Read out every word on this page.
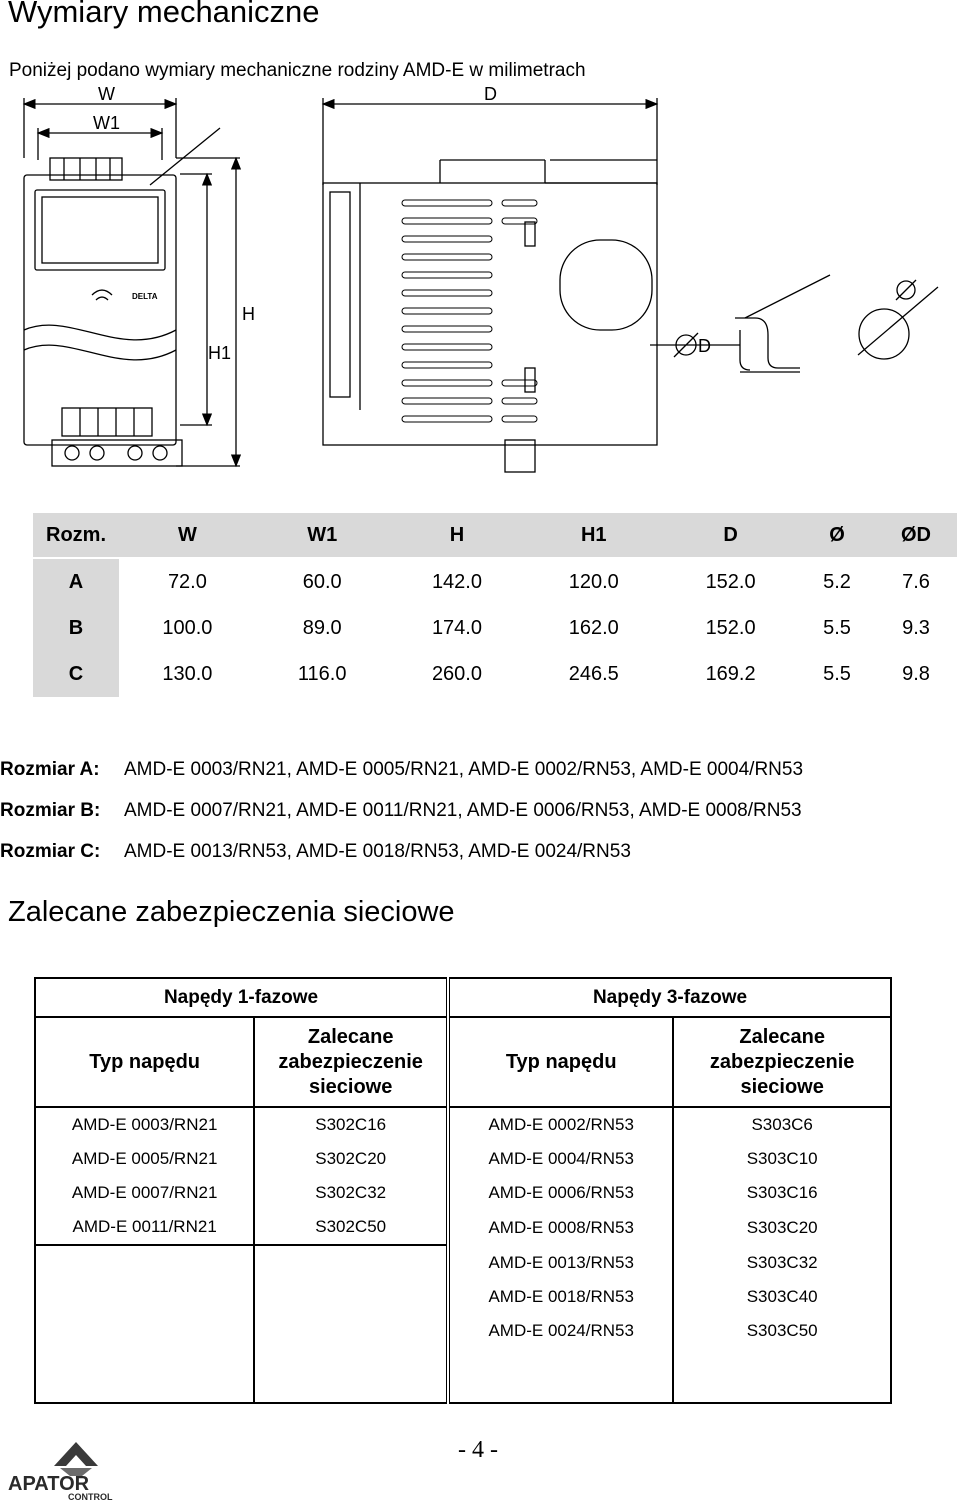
Wymiary mechaniczne
Poniżej podano wymiary mechaniczne rodziny AMD-E w milimetrach
W
W1
D
H
H1	D
DELTA
Rozm.	W	W1	H	H1	D	Ø	ØD
A	72.0	60.0	142.0	120.0	152.0	5.2	7.6
B	100.0	89.0	174.0	162.0	152.0	5.5	9.3
C	130.0	116.0	260.0	246.5	169.2	5.5	9.8
Rozmiar A: AMD-E 0003/RN21, AMD-E 0005/RN21, AMD-E 0002/RN53, AMD-E 0004/RN53
Rozmiar B: AMD-E 0007/RN21, AMD-E 0011/RN21, AMD-E 0006/RN53, AMD-E 0008/RN53
Rozmiar C: AMD-E 0013/RN53, AMD-E 0018/RN53, AMD-E 0024/RN53
Zalecane zabezpieczenia sieciowe
Napędy 1-fazowe		Napędy 3-fazowe	
Typ napędu	Zalecane zabezpieczenie sieciowe	Typ napędu	Zalecane zabezpieczenie sieciowe
AMD-E 0003/RN21	S302C16	AMD-E 0002/RN53	S303C6
AMD-E 0005/RN21	S302C20	AMD-E 0004/RN53	S303C10
AMD-E 0007/RN21	S302C32	AMD-E 0006/RN53	S303C16
AMD-E 0011/RN21	S302C50	AMD-E 0008/RN53	S303C20
		AMD-E 0013/RN53	S303C32
		AMD-E 0018/RN53	S303C40
		AMD-E 0024/RN53	S303C50

- 4 -
APATOR
CONTROL
